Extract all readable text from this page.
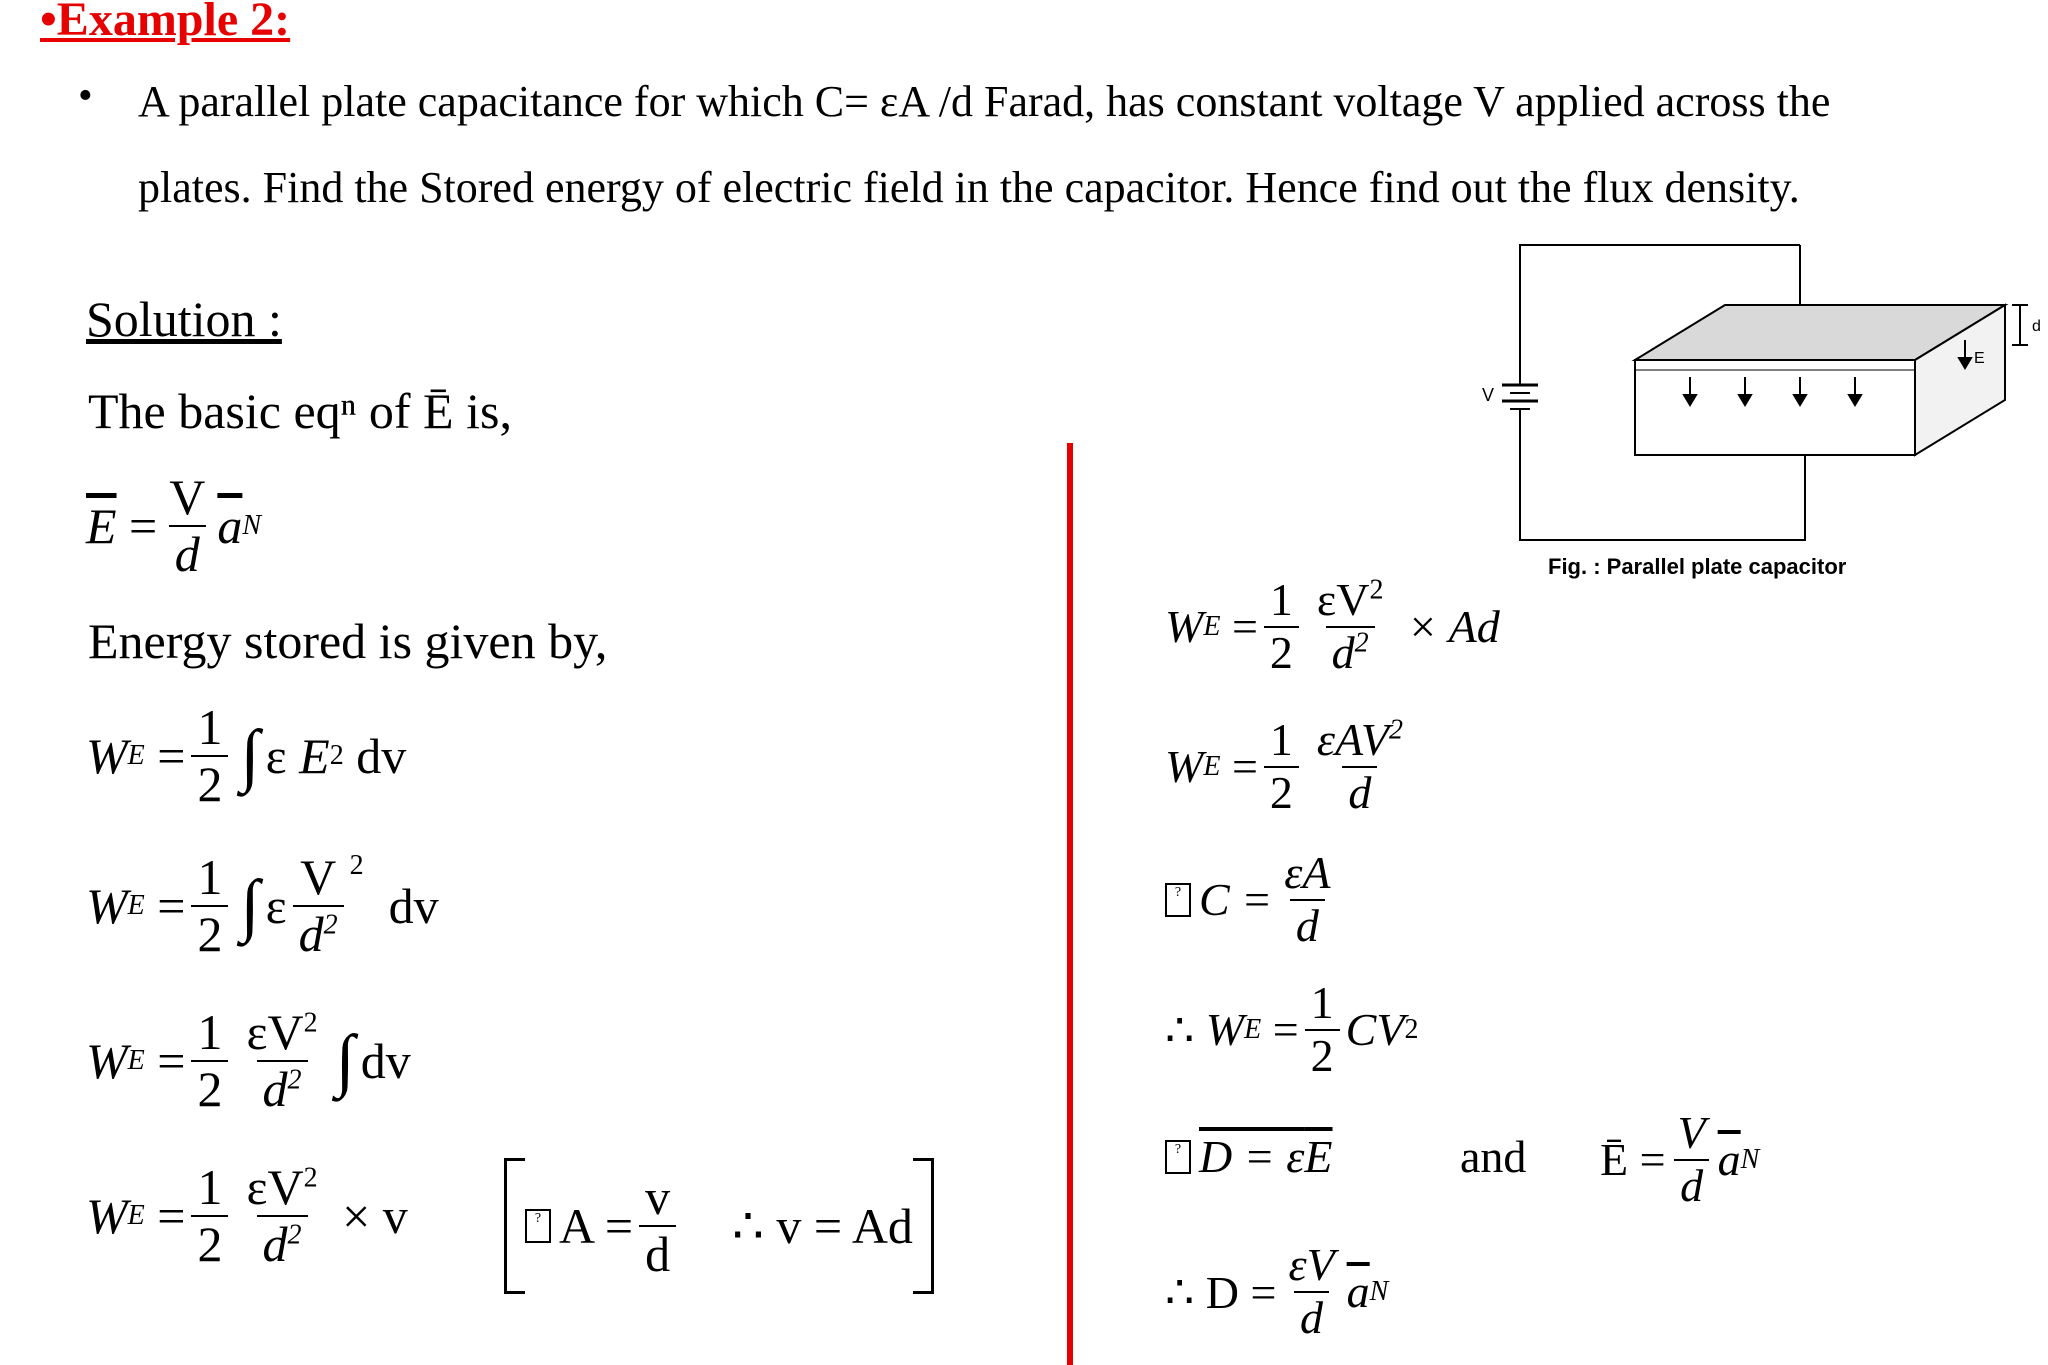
•Example 2:
• A parallel plate capacitance for which C= εA /d Farad, has constant voltage V applied across the
plates. Find the Stored energy of electric field in the capacitor. Hence find out the flux density.
Solution :
The basic eqⁿ of Ē is,
$\overline{E} = \frac{V}{d} \overline{a}$ N
Energy stored is given by,
W $E = \frac{1}{2}$ ∫ ε
E 2
dv
W $E = \frac{1}{2}$ ∫ ε $\frac{V}{d^2}^2$

dv
W $E = \frac{1}{2} \frac{\varepsilon V^2}{d^2}$ ∫ dv
W $E = \frac{1}{2} \frac{\varepsilon V^2}{d^2}$
× v	? $A = \frac{v}{d}$
∴ v = Ad
W $E = \frac{1}{2} \frac{\varepsilon V^2}{d^2}$
× Ad
W $E = \frac{1}{2} \frac{\varepsilon AV^2}{d}$
? $C = \frac{\varepsilon A}{d}$
∴
W $E = \frac{1}{2}$ CV 2
? D = ε $\overline{E}$	and Ē = $\frac{V}{d} \overline{a}$ N
∴ $D = \frac{\varepsilon V}{d} \overline{a}$ N
V
E
d
Fig. : Parallel plate capacitor
